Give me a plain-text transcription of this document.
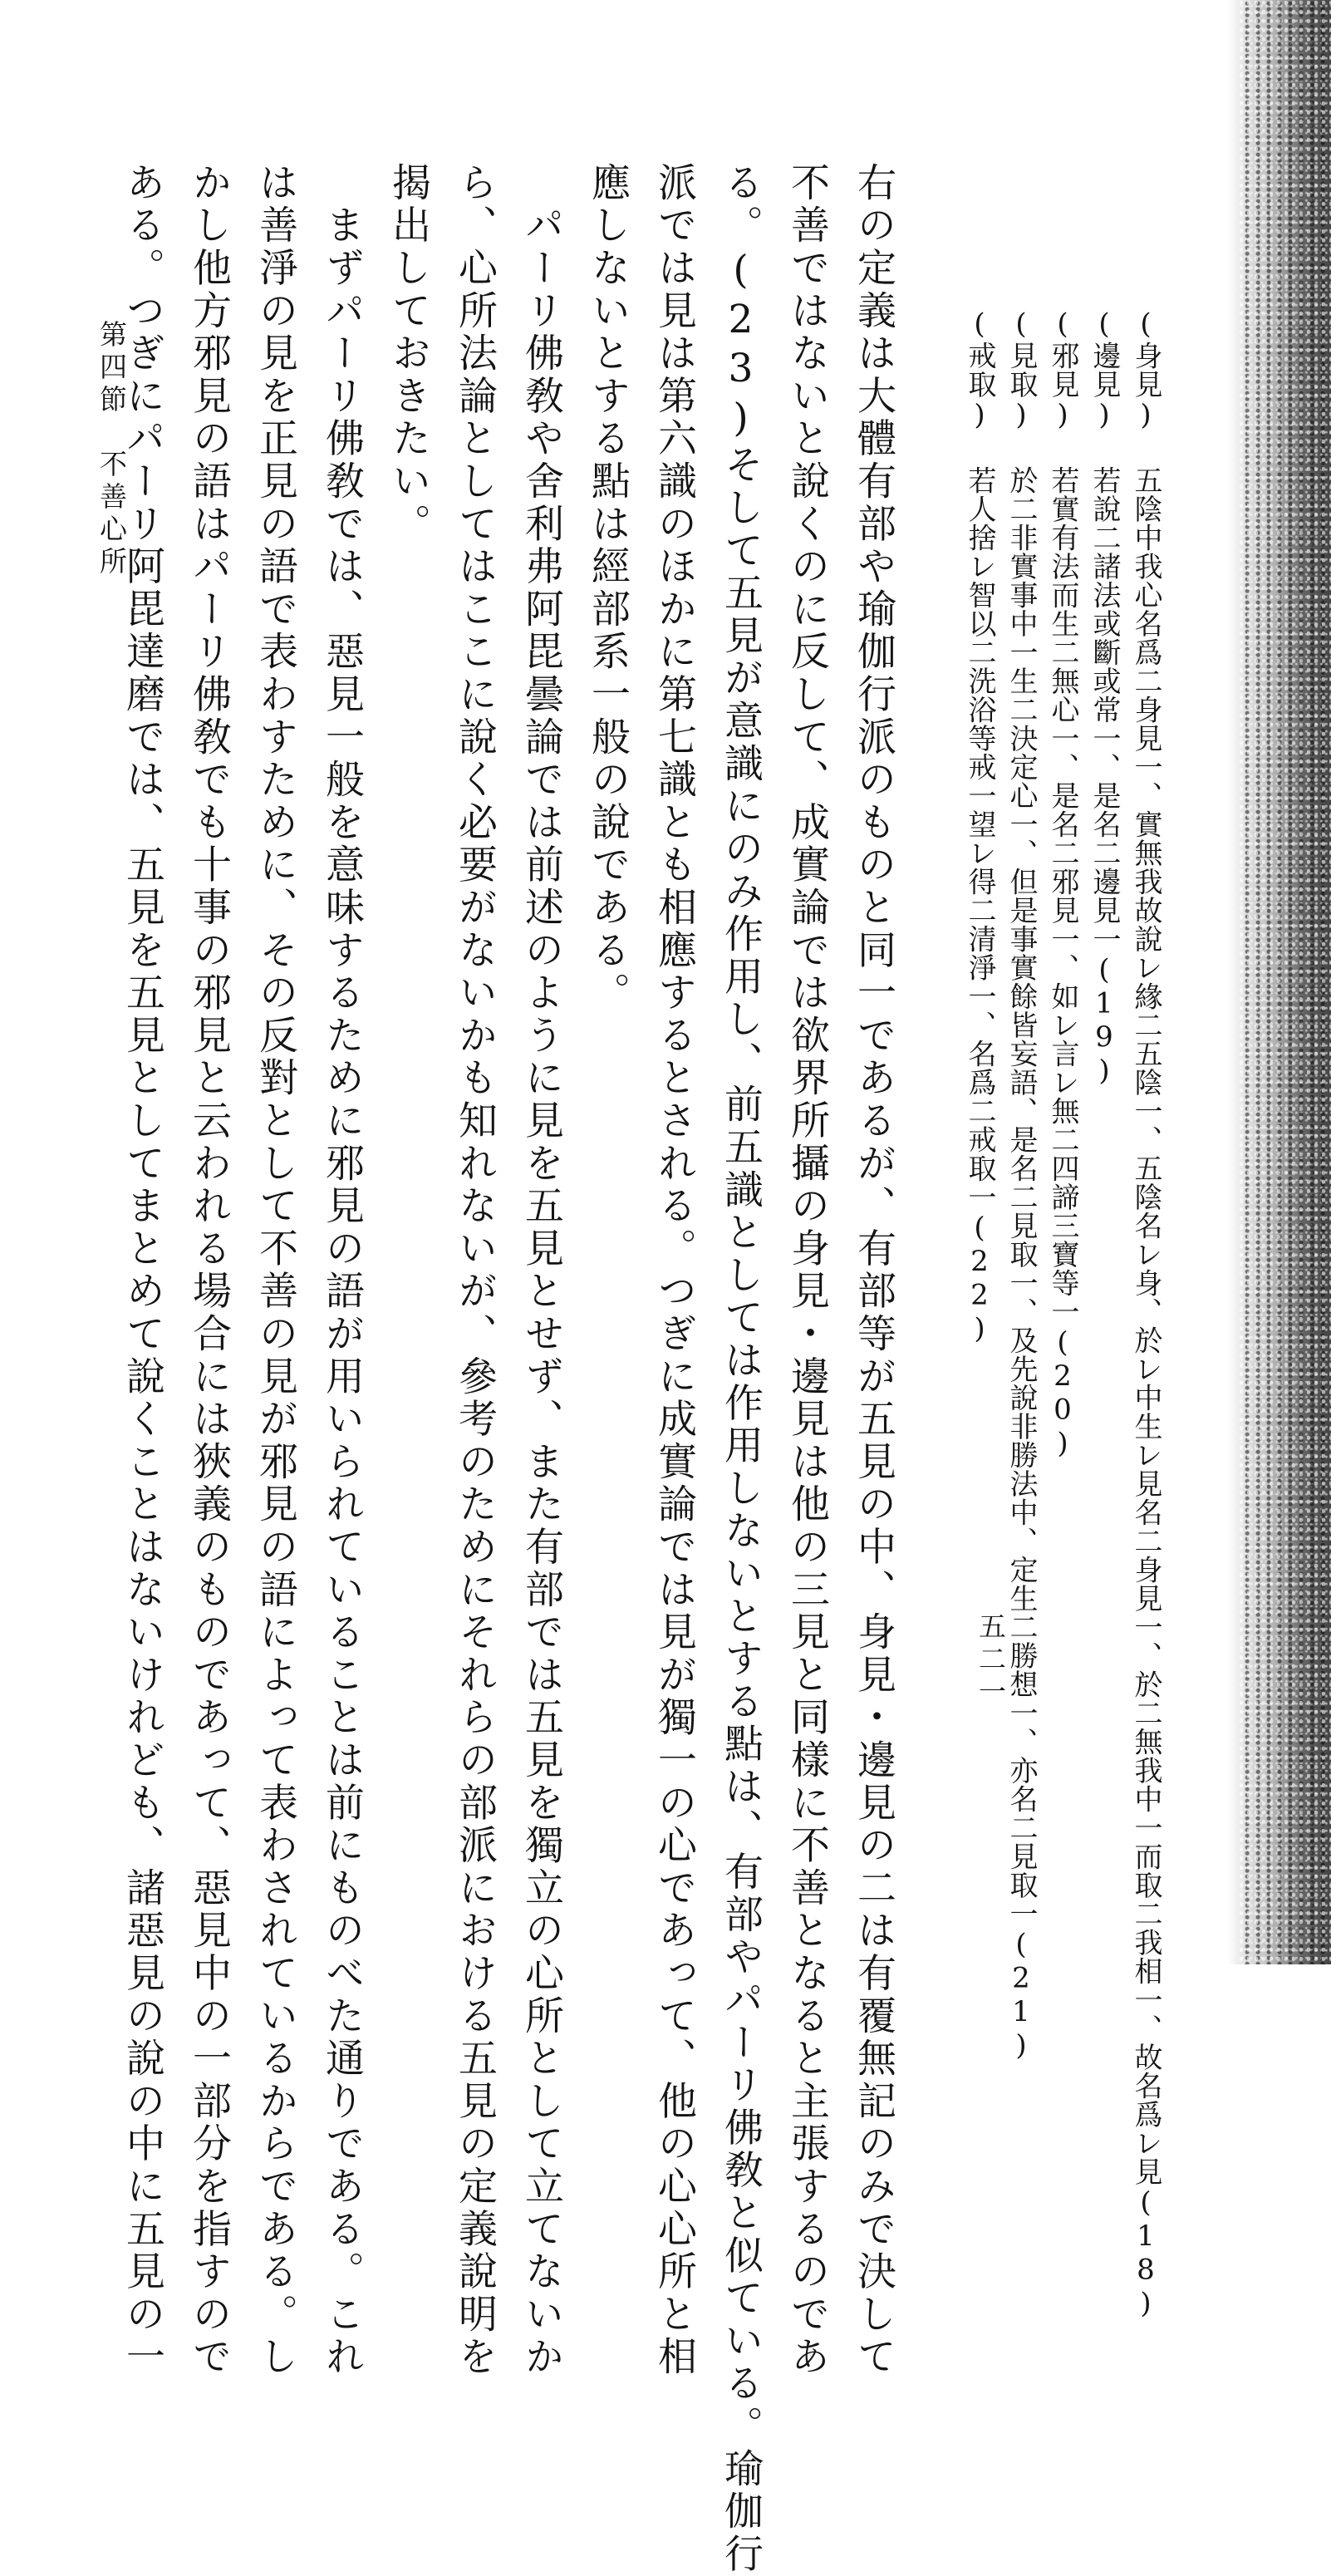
(身見) 五陰中我心名爲二身見一、實無我故說レ緣二五陰一、五陰名レ身、於レ中生レ見名二身見一、於二無我中一而取二我相一、故名爲レ見(18)
(邊見) 若說二諸法或斷或常一、是名二邊見一(19)
(邪見) 若實有法而生二無心一、是名二邪見一、如レ言レ無二四諦三寶等一(20)
(見取) 於二非實事中一生二決定心一、但是事實餘皆妄語、是名二見取一、及先說非勝法中、定生二勝想一、亦名二見取一(21)
(戒取) 若人捨レ智以二洗浴等戒一望レ得二清淨一、名爲二戒取一(22)
右の定義は大體有部や瑜伽行派のものと同一であるが、有部等が五見の中、身見・邊見の二は有覆無記のみで決して
不善ではないと說くのに反して、成實論では欲界所攝の身見・邊見は他の三見と同樣に不善となると主張するのであ
る。(23)そして五見が意識にのみ作用し、前五識としては作用しないとする點は、有部やパーリ佛敎と似ている。瑜伽行
派では見は第六識のほかに第七識とも相應するとされる。つぎに成實論では見が獨一の心であって、他の心心所と相
應しないとする點は經部系一般の說である。
　パーリ佛敎や舍利弗阿毘曇論では前述のように見を五見とせず、また有部では五見を獨立の心所として立てないか
ら、心所法論としてはここに說く必要がないかも知れないが、參考のためにそれらの部派における五見の定義說明を
揭出しておきたい。
　まずパーリ佛敎では、惡見一般を意味するために邪見の語が用いられていることは前にものべた通りである。これ
は善淨の見を正見の語で表わすために、その反對として不善の見が邪見の語によって表わされているからである。し
かし他方邪見の語はパーリ佛敎でも十事の邪見と云われる場合には狹義のものであって、惡見中の一部分を指すので
ある。つぎにパーリ阿毘達磨では、五見を五見としてまとめて說くことはないけれども、諸惡見の說の中に五見の一
第四節　不善心所
五二一
